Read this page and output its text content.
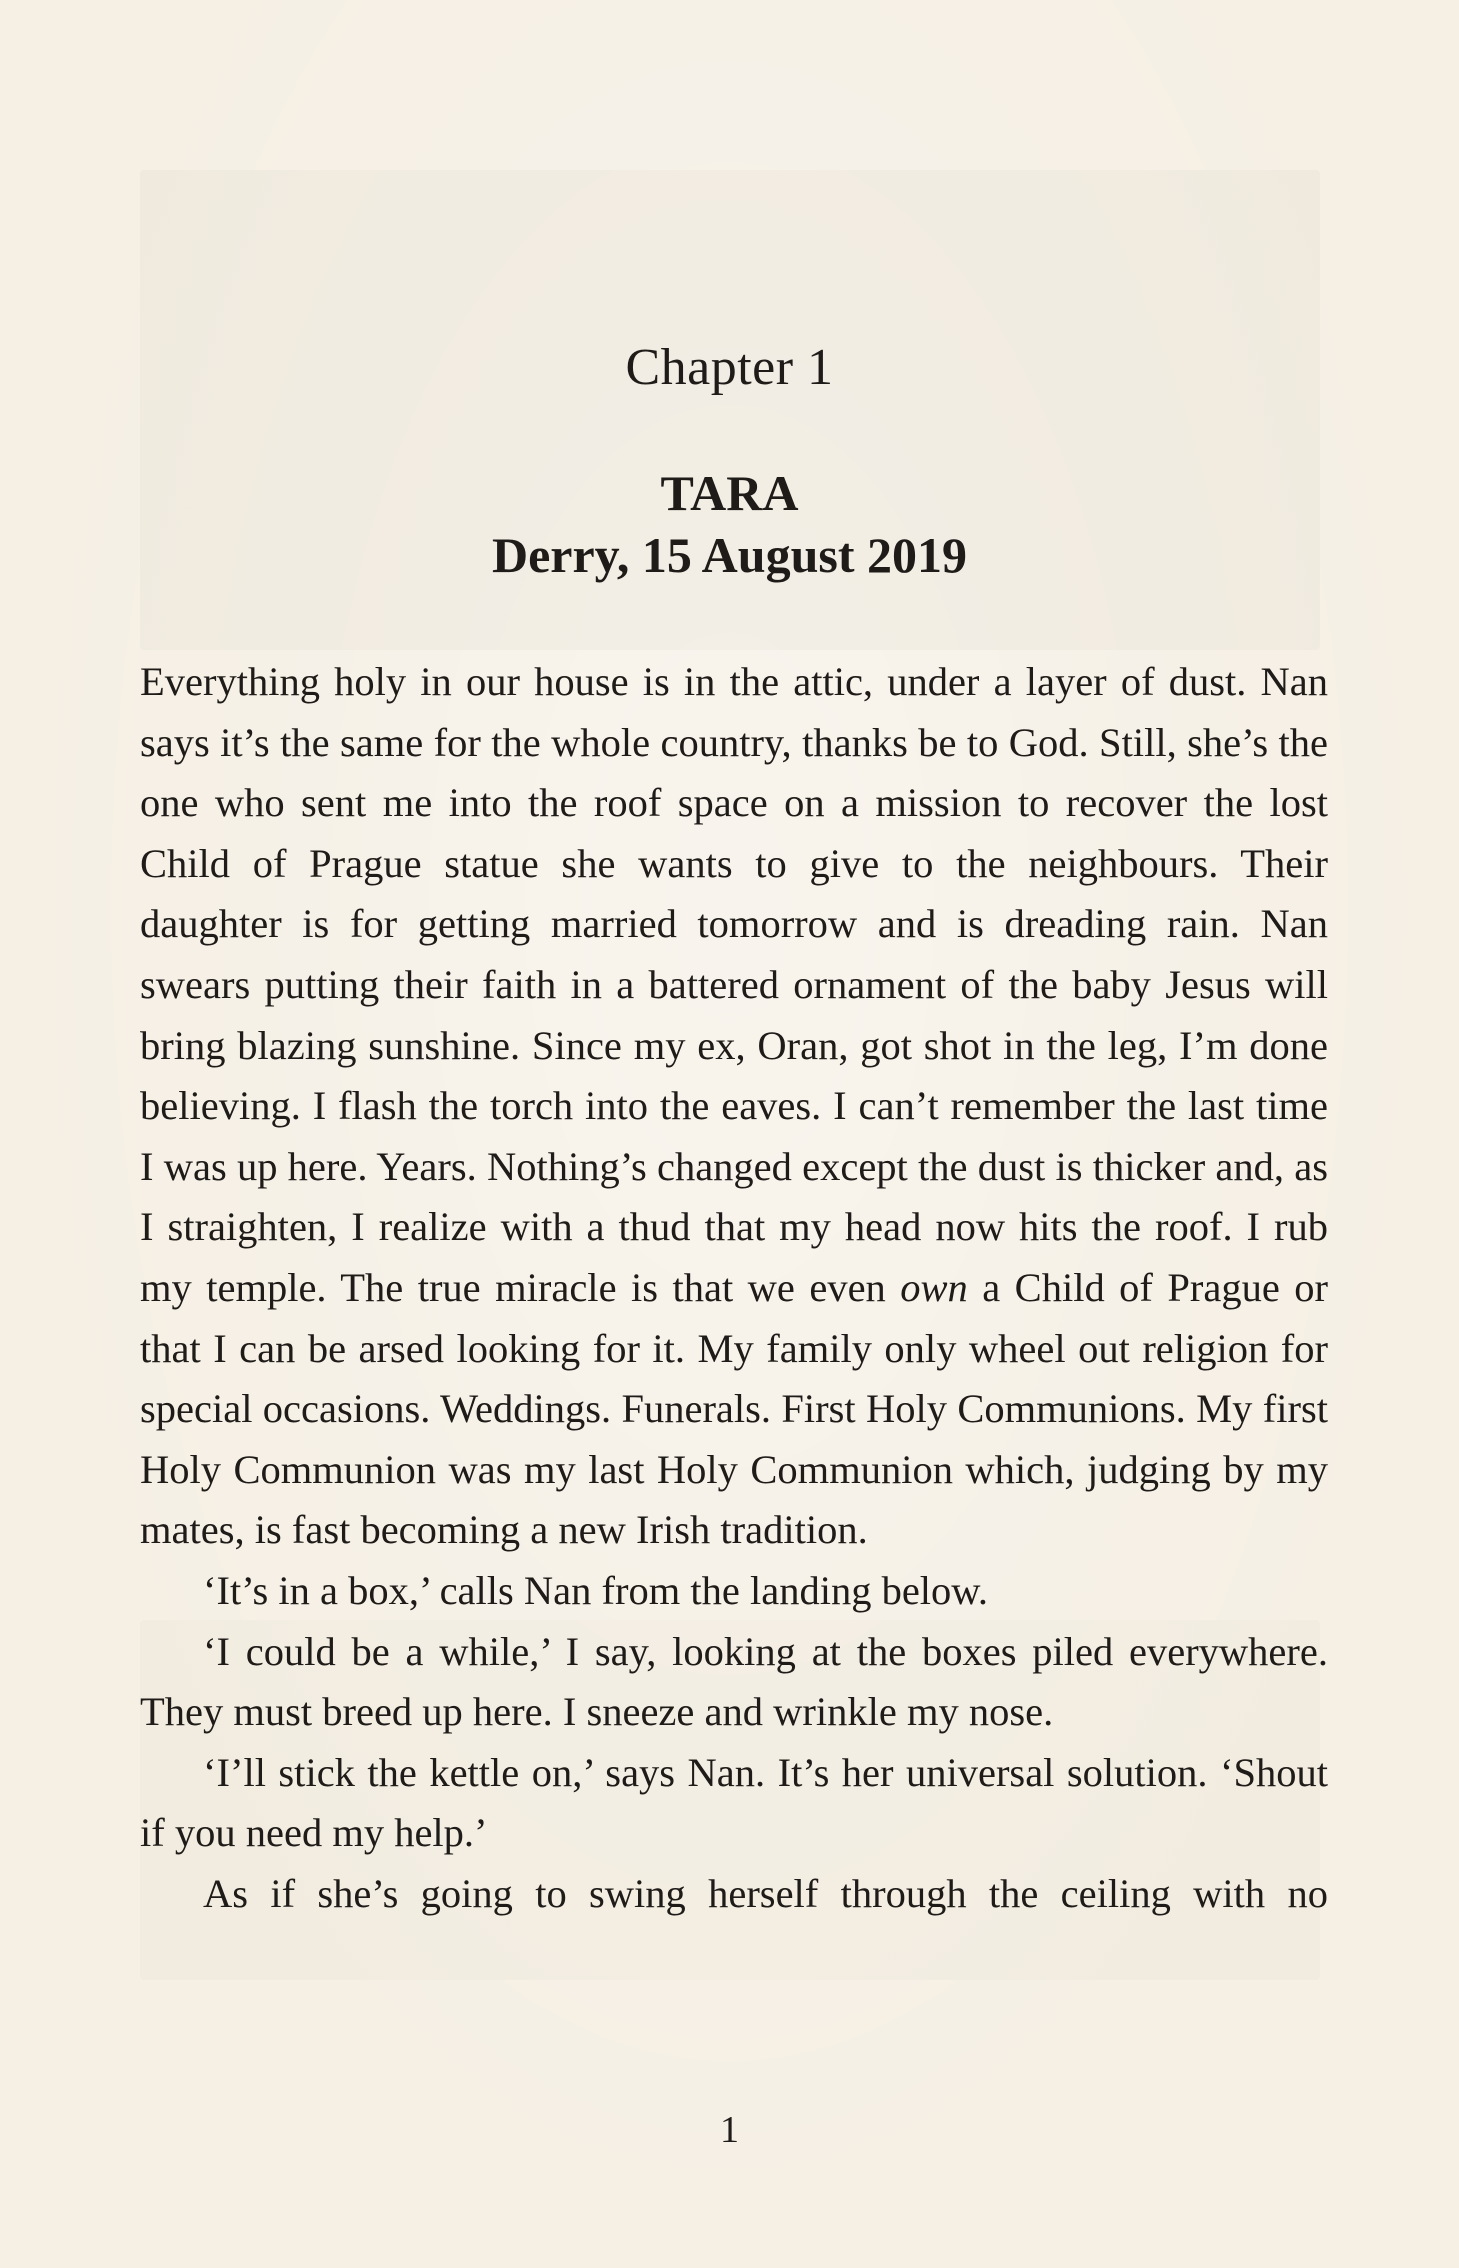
Chapter 1
TARA
Derry, 15 August 2019

Everything holy in our house is in the attic, under a layer of dust. Nan says it’s the same for the whole country, thanks be to God. Still, she’s the one who sent me into the roof space on a mission to recover the lost Child of Prague statue she wants to give to the neighbours. Their daughter is for getting married tomorrow and is dreading rain. Nan swears putting their faith in a battered ornament of the baby Jesus will bring blazing sunshine. Since my ex, Oran, got shot in the leg, I’m done believing. I flash the torch into the eaves. I can’t remember the last time I was up here. Years. Nothing’s changed except the dust is thicker and, as I straighten, I realize with a thud that my head now hits the roof. I rub my temple. The true miracle is that we even own a Child of Prague or that I can be arsed looking for it. My family only wheel out religion for special occasions. Weddings. Funerals. First Holy Communions. My first Holy Communion was my last Holy Communion which, judging by my mates, is fast becoming a new Irish tradition.

‘It’s in a box,’ calls Nan from the landing below.

‘I could be a while,’ I say, looking at the boxes piled everywhere. They must breed up here. I sneeze and wrinkle my nose.

‘I’ll stick the kettle on,’ says Nan. It’s her universal solution. ‘Shout if you need my help.’

As if she’s going to swing herself through the ceiling with no

1
